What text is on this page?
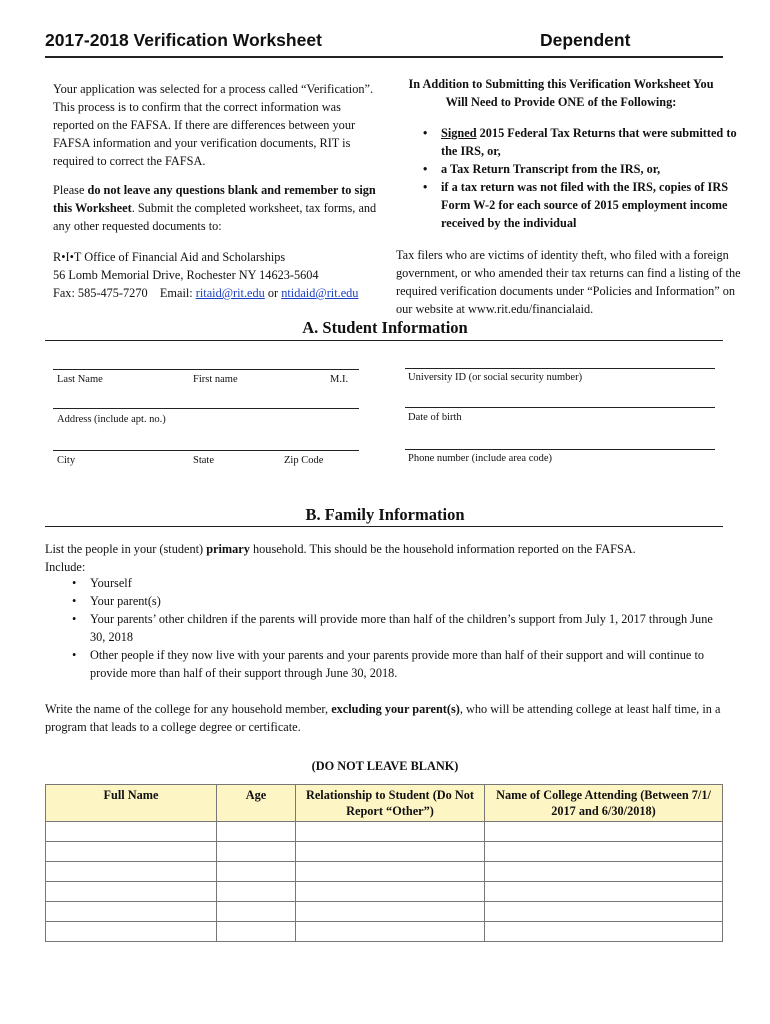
2017-2018 Verification Worksheet	Dependent
Your application was selected for a process called “Verification”. This process is to confirm that the correct information was reported on the FAFSA. If there are differences between your FAFSA information and your verification documents, RIT is required to correct the FAFSA.
Please do not leave any questions blank and remember to sign this Worksheet. Submit the completed worksheet, tax forms, and any other requested documents to:
R•I•T Office of Financial Aid and Scholarships
56 Lomb Memorial Drive, Rochester NY 14623-5604
Fax: 585-475-7270    Email: ritaid@rit.edu or ntidaid@rit.edu
In Addition to Submitting this Verification Worksheet You Will Need to Provide ONE of the Following:
• Signed 2015 Federal Tax Returns that were submitted to the IRS, or,
• a Tax Return Transcript from the IRS, or,
• if a tax return was not filed with the IRS, copies of IRS Form W-2 for each source of 2015 employment income received by the individual
Tax filers who are victims of identity theft, who filed with a foreign government, or who amended their tax returns can find a listing of the required verification documents under “Policies and Information” on our website at www.rit.edu/financialaid.
A. Student Information
Last Name	First name	M.I.
Address (include apt. no.)
City	State	Zip Code
University ID (or social security number)
Date of birth
Phone number (include area code)
B. Family Information
List the people in your (student) primary household. This should be the household information reported on the FAFSA.
Include:
• Yourself
• Your parent(s)
• Your parents’ other children if the parents will provide more than half of the children’s support from July 1, 2017 through June 30, 2018
• Other people if they now live with your parents and your parents provide more than half of their support and will continue to provide more than half of their support through June 30, 2018.
Write the name of the college for any household member, excluding your parent(s), who will be attending college at least half time, in a program that leads to a college degree or certificate.
(DO NOT LEAVE BLANK)
Full Name	Age	Relationship to Student (Do Not Report “Other”)	Name of College Attending (Between 7/1/ 2017 and 6/30/2018)
